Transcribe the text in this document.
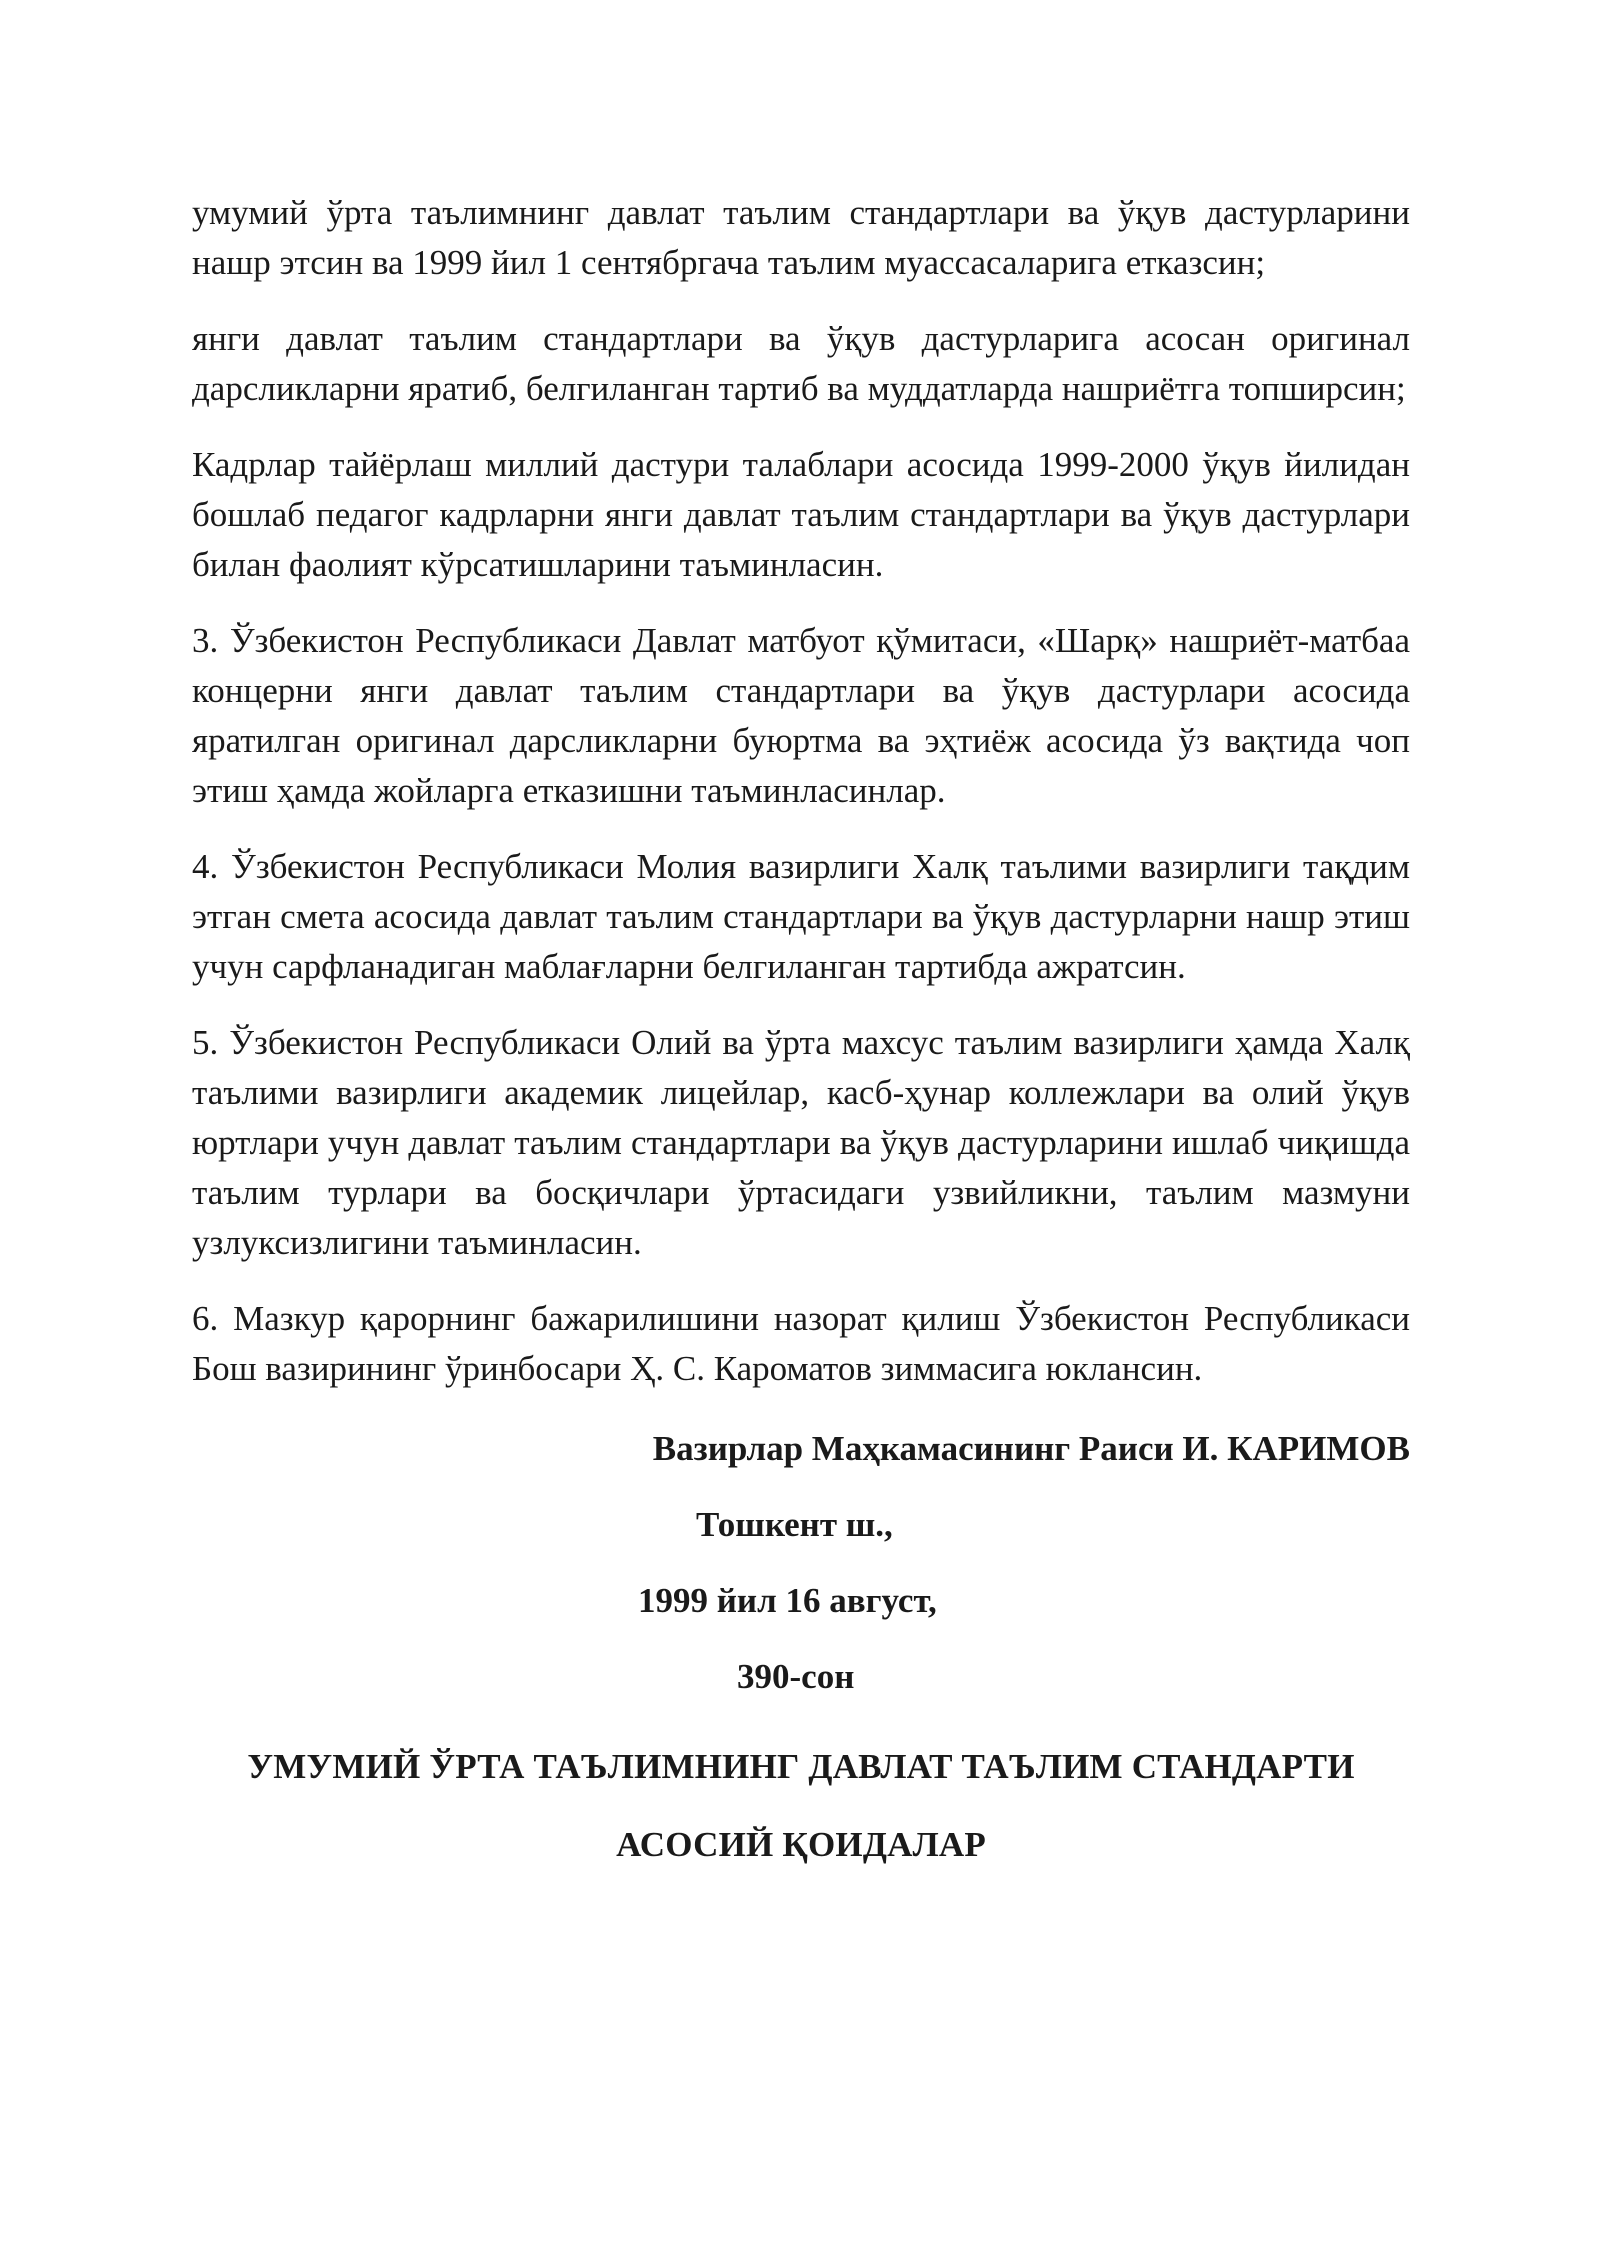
умумий ўрта таълимнинг давлат таълим стандартлари ва ўқув дастурларини нашр этсин ва 1999 йил 1 сентябргача таълим муассасаларига етказсин;

янги давлат таълим стандартлари ва ўқув дастурларига асосан оригинал дарсликларни яратиб, белгиланган тартиб ва муддатларда нашриётга топширсин;

Кадрлар тайёрлаш миллий дастури талаблари асосида 1999-2000 ўқув йилидан бошлаб педагог кадрларни янги давлат таълим стандартлари ва ўқув дастурлари билан фаолият кўрсатишларини таъминласин.

3. Ўзбекистон Республикаси Давлат матбуот қўмитаси, «Шарқ» нашриёт-матбаа концерни янги давлат таълим стандартлари ва ўқув дастурлари асосида яратилган оригинал дарсликларни буюртма ва эҳтиёж асосида ўз вақтида чоп этиш ҳамда жойларга етказишни таъминласинлар.

4. Ўзбекистон Республикаси Молия вазирлиги Халқ таълими вазирлиги тақдим этган смета асосида давлат таълим стандартлари ва ўқув дастурларни нашр этиш учун сарфланадиган маблағларни белгиланган тартибда ажратсин.

5. Ўзбекистон Республикаси Олий ва ўрта махсус таълим вазирлиги ҳамда Халқ таълими вазирлиги академик лицейлар, касб-ҳунар коллежлари ва олий ўқув юртлари учун давлат таълим стандартлари ва ўқув дастурларини ишлаб чиқишда таълим турлари ва босқичлари ўртасидаги узвийликни, таълим мазмуни узлуксизлигини таъминласин.

6. Мазкур қарорнинг бажарилишини назорат қилиш Ўзбекистон Республикаси Бош вазирининг ўринбосари Ҳ. С. Кароматов зиммасига юклансин.

Вазирлар Маҳкамасининг Раиси И. КАРИМОВ

Тошкент ш.,

1999 йил 16 август,

390-сон

УМУМИЙ ЎРТА ТАЪЛИМНИНГ ДАВЛАТ ТАЪЛИМ СТАНДАРТИ
АСОСИЙ ҚОИДАЛАР
